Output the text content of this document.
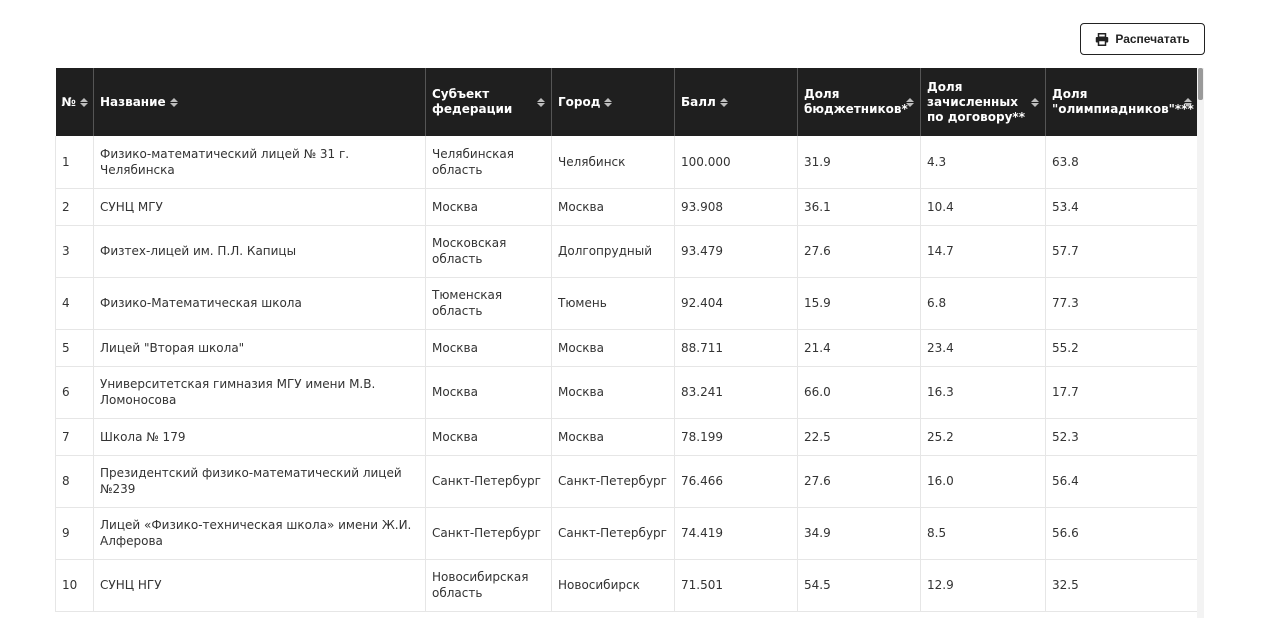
Распечатать
№	Название	Субъект федерации	Город	Балл	Доля бюджетников*	Доля зачисленных по договору**	Доля "олимпиадников"***

1	Физико-математический лицей № 31 г. Челябинска	Челябинская область	Челябинск	100.000	31.9	4.3	63.8
2	СУНЦ МГУ	Москва	Москва	93.908	36.1	10.4	53.4
3	Физтех-лицей им. П.Л. Капицы	Московская область	Долгопрудный	93.479	27.6	14.7	57.7
4	Физико-Математическая школа	Тюменская область	Тюмень	92.404	15.9	6.8	77.3
5	Лицей "Вторая школа"	Москва	Москва	88.711	21.4	23.4	55.2
6	Университетская гимназия МГУ имени М.В. Ломоносова	Москва	Москва	83.241	66.0	16.3	17.7
7	Школа № 179	Москва	Москва	78.199	22.5	25.2	52.3
8	Президентский физико-математический лицей №239	Санкт-Петербург	Санкт-Петербург	76.466	27.6	16.0	56.4
9	Лицей «Физико-техническая школа» имени Ж.И. Алферова	Санкт-Петербург	Санкт-Петербург	74.419	34.9	8.5	56.6
10	СУНЦ НГУ	Новосибирская область	Новосибирск	71.501	54.5	12.9	32.5
